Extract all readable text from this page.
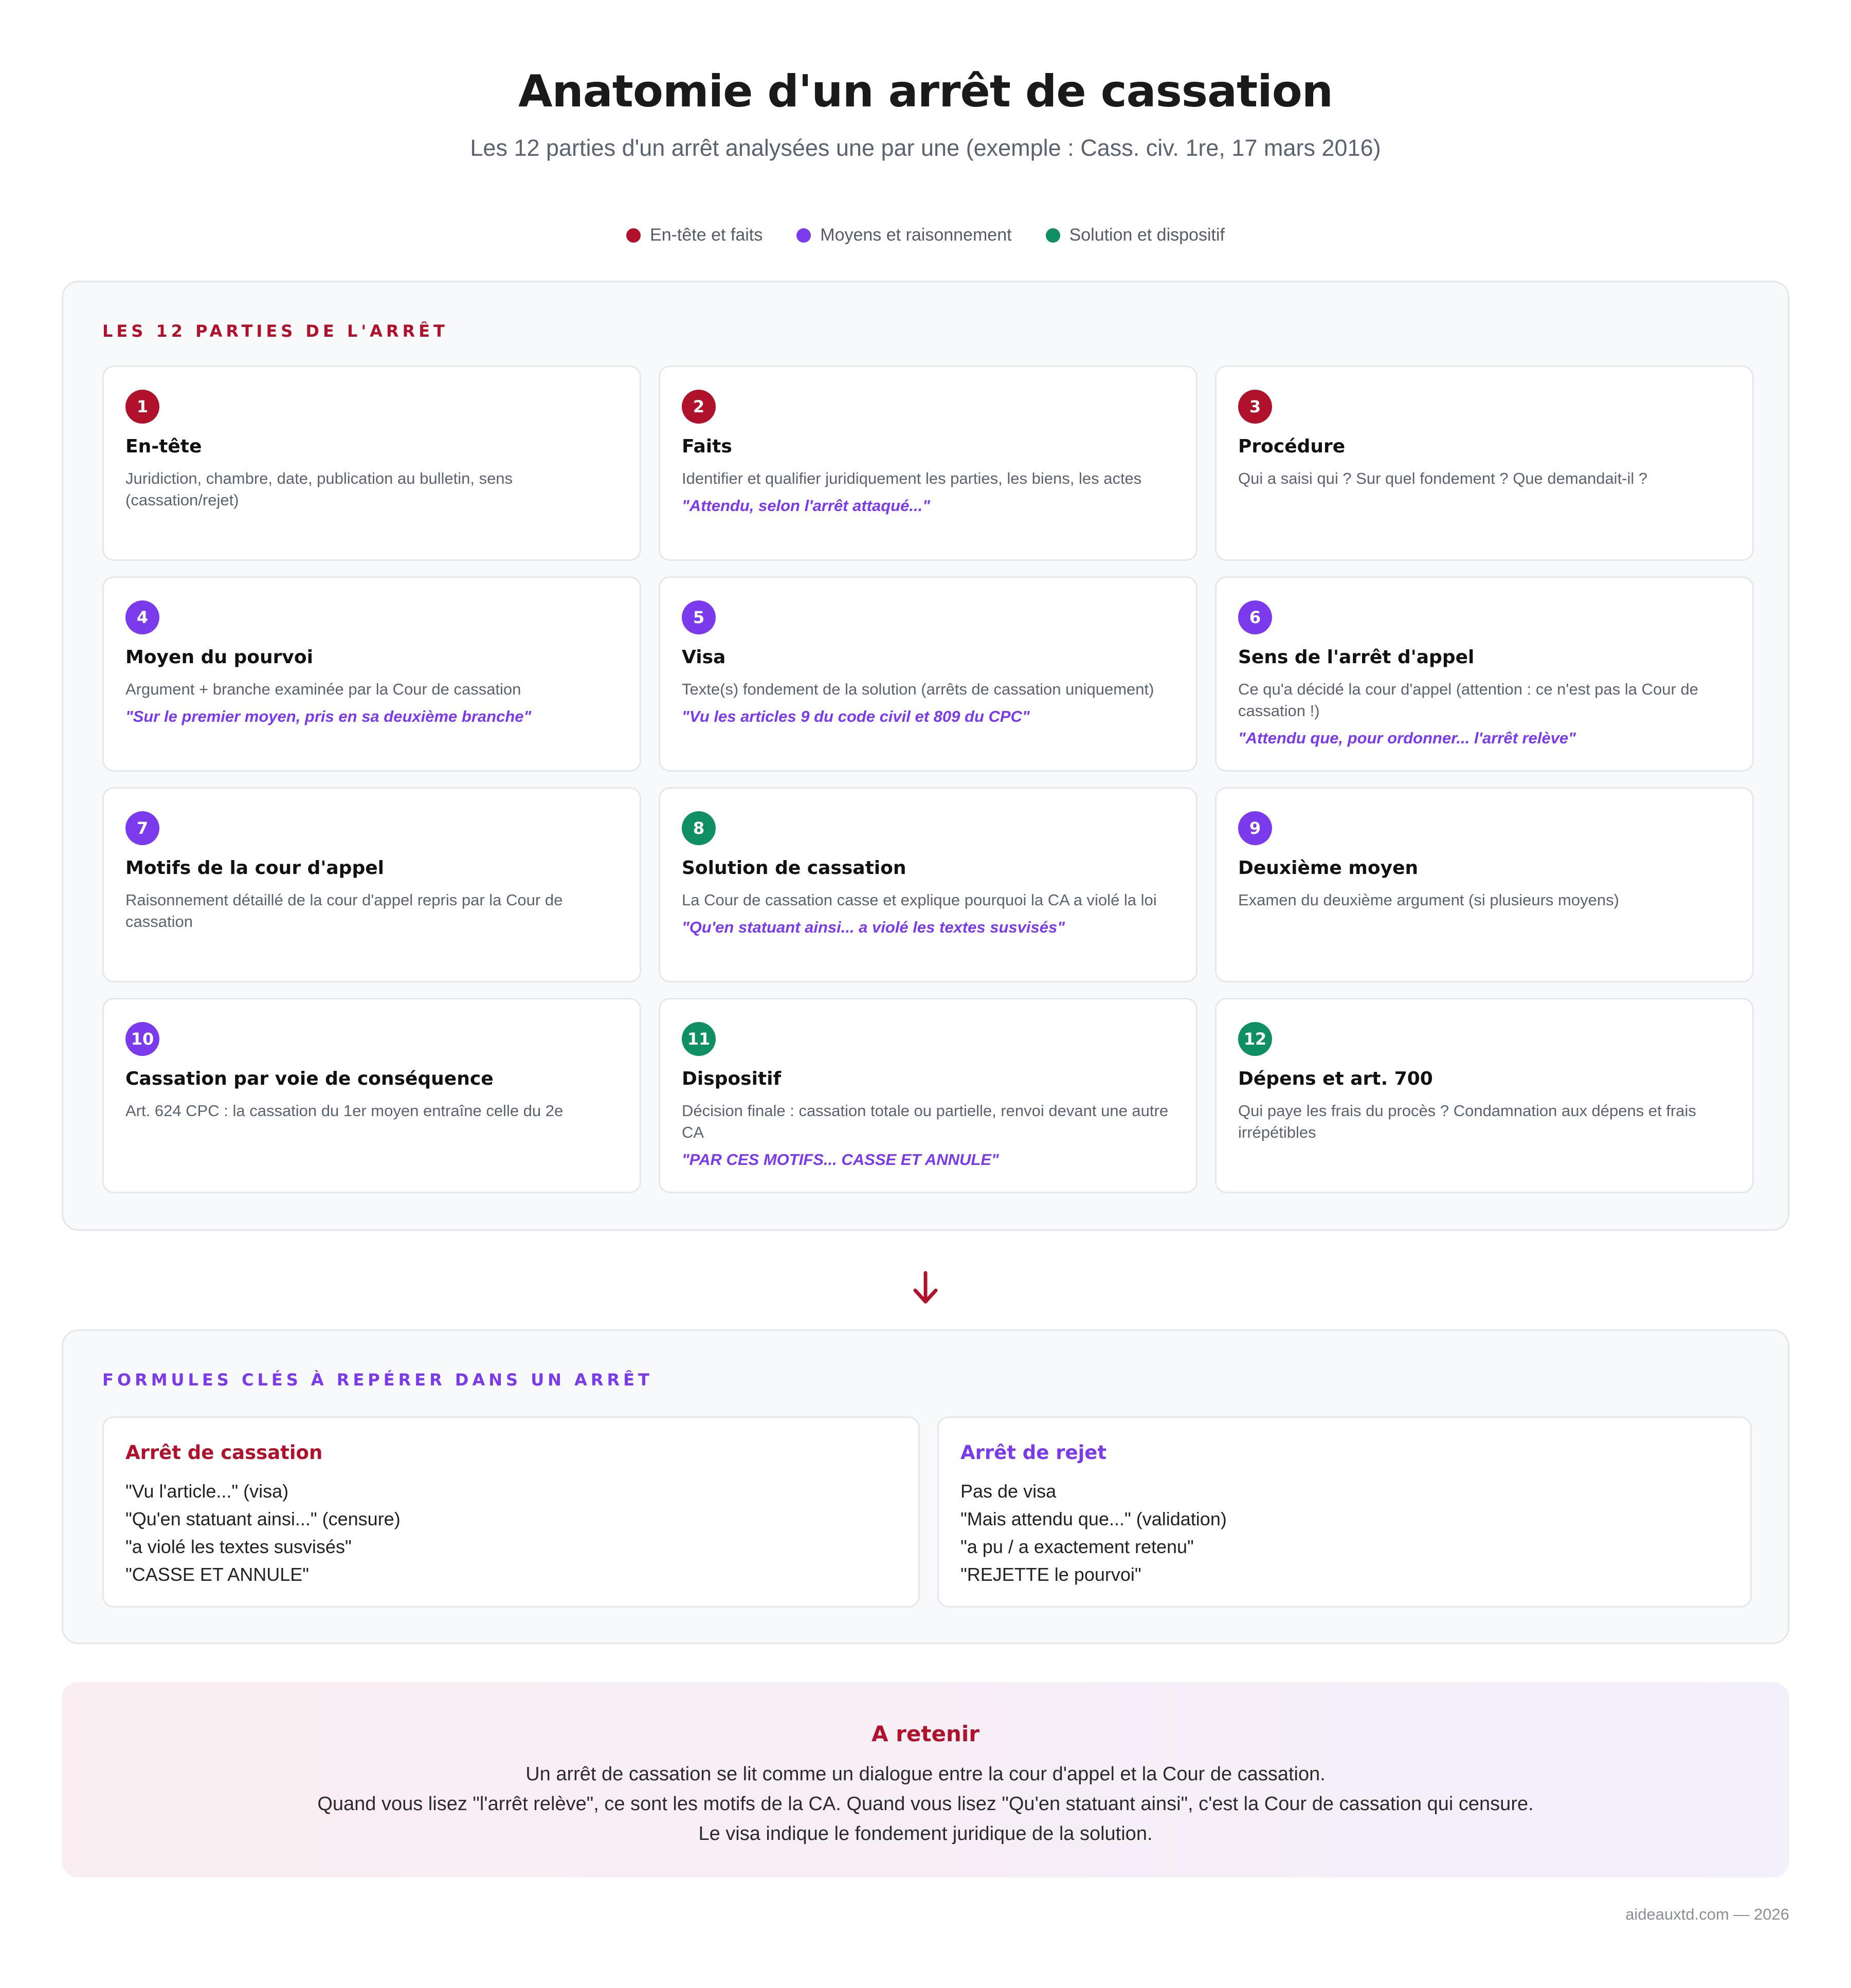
Anatomie d'un arrêt de cassation
Les 12 parties d'un arrêt analysées une par une (exemple : Cass. civ. 1re, 17 mars 2016)
En-tête et faits	Moyens et raisonnement	Solution et dispositif
LES 12 PARTIES DE L'ARRÊT
1
En-tête
Juridiction, chambre, date, publication au bulletin, sens (cassation/rejet)
2
Faits
Identifier et qualifier juridiquement les parties, les biens, les actes
"Attendu, selon l'arrêt attaqué..."
3
Procédure
Qui a saisi qui ? Sur quel fondement ? Que demandait-il ?
4
Moyen du pourvoi
Argument + branche examinée par la Cour de cassation
"Sur le premier moyen, pris en sa deuxième branche"
5
Visa
Texte(s) fondement de la solution (arrêts de cassation uniquement)
"Vu les articles 9 du code civil et 809 du CPC"
6
Sens de l'arrêt d'appel
Ce qu'a décidé la cour d'appel (attention : ce n'est pas la Cour de cassation !)
"Attendu que, pour ordonner... l'arrêt relève"
7
Motifs de la cour d'appel
Raisonnement détaillé de la cour d'appel repris par la Cour de cassation
8
Solution de cassation
La Cour de cassation casse et explique pourquoi la CA a violé la loi
"Qu'en statuant ainsi... a violé les textes susvisés"
9
Deuxième moyen
Examen du deuxième argument (si plusieurs moyens)
10
Cassation par voie de conséquence
Art. 624 CPC : la cassation du 1er moyen entraîne celle du 2e
11
Dispositif
Décision finale : cassation totale ou partielle, renvoi devant une autre CA
"PAR CES MOTIFS... CASSE ET ANNULE"
12
Dépens et art. 700
Qui paye les frais du procès ? Condamnation aux dépens et frais irrépétibles
FORMULES CLÉS À REPÉRER DANS UN ARRÊT
Arrêt de cassation
"Vu l'article..." (visa)
"Qu'en statuant ainsi..." (censure)
"a violé les textes susvisés"
"CASSE ET ANNULE"
Arrêt de rejet
Pas de visa
"Mais attendu que..." (validation)
"a pu / a exactement retenu"
"REJETTE le pourvoi"
A retenir
Un arrêt de cassation se lit comme un dialogue entre la cour d'appel et la Cour de cassation.
Quand vous lisez "l'arrêt relève", ce sont les motifs de la CA. Quand vous lisez "Qu'en statuant ainsi", c'est la Cour de cassation qui censure.
Le visa indique le fondement juridique de la solution.
aideauxtd.com — 2026
